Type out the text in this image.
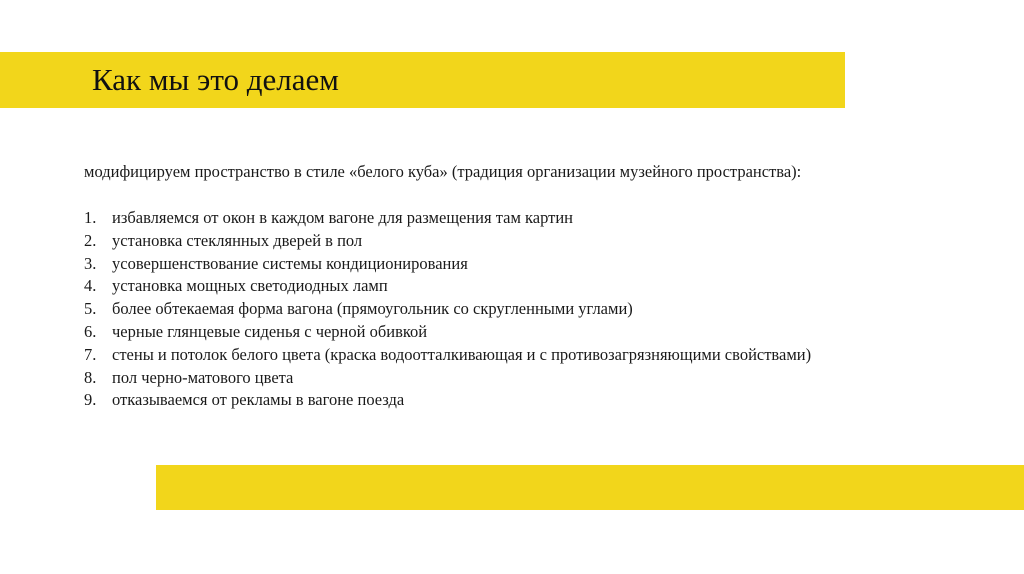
Как мы это делаем
модифицируем пространство в стиле «белого куба» (традиция организации музейного пространства):
1. избавляемся от окон в каждом вагоне для размещения там картин
2. установка стеклянных дверей в пол
3. усовершенствование системы кондиционирования
4. установка мощных светодиодных ламп
5. более обтекаемая форма вагона (прямоугольник со скругленными углами)
6. черные глянцевые сиденья с черной обивкой
7. стены и потолок белого цвета (краска водоотталкивающая и с противозагрязняющими свойствами)
8. пол черно-матового цвета
9. отказываемся от рекламы в вагоне поезда
